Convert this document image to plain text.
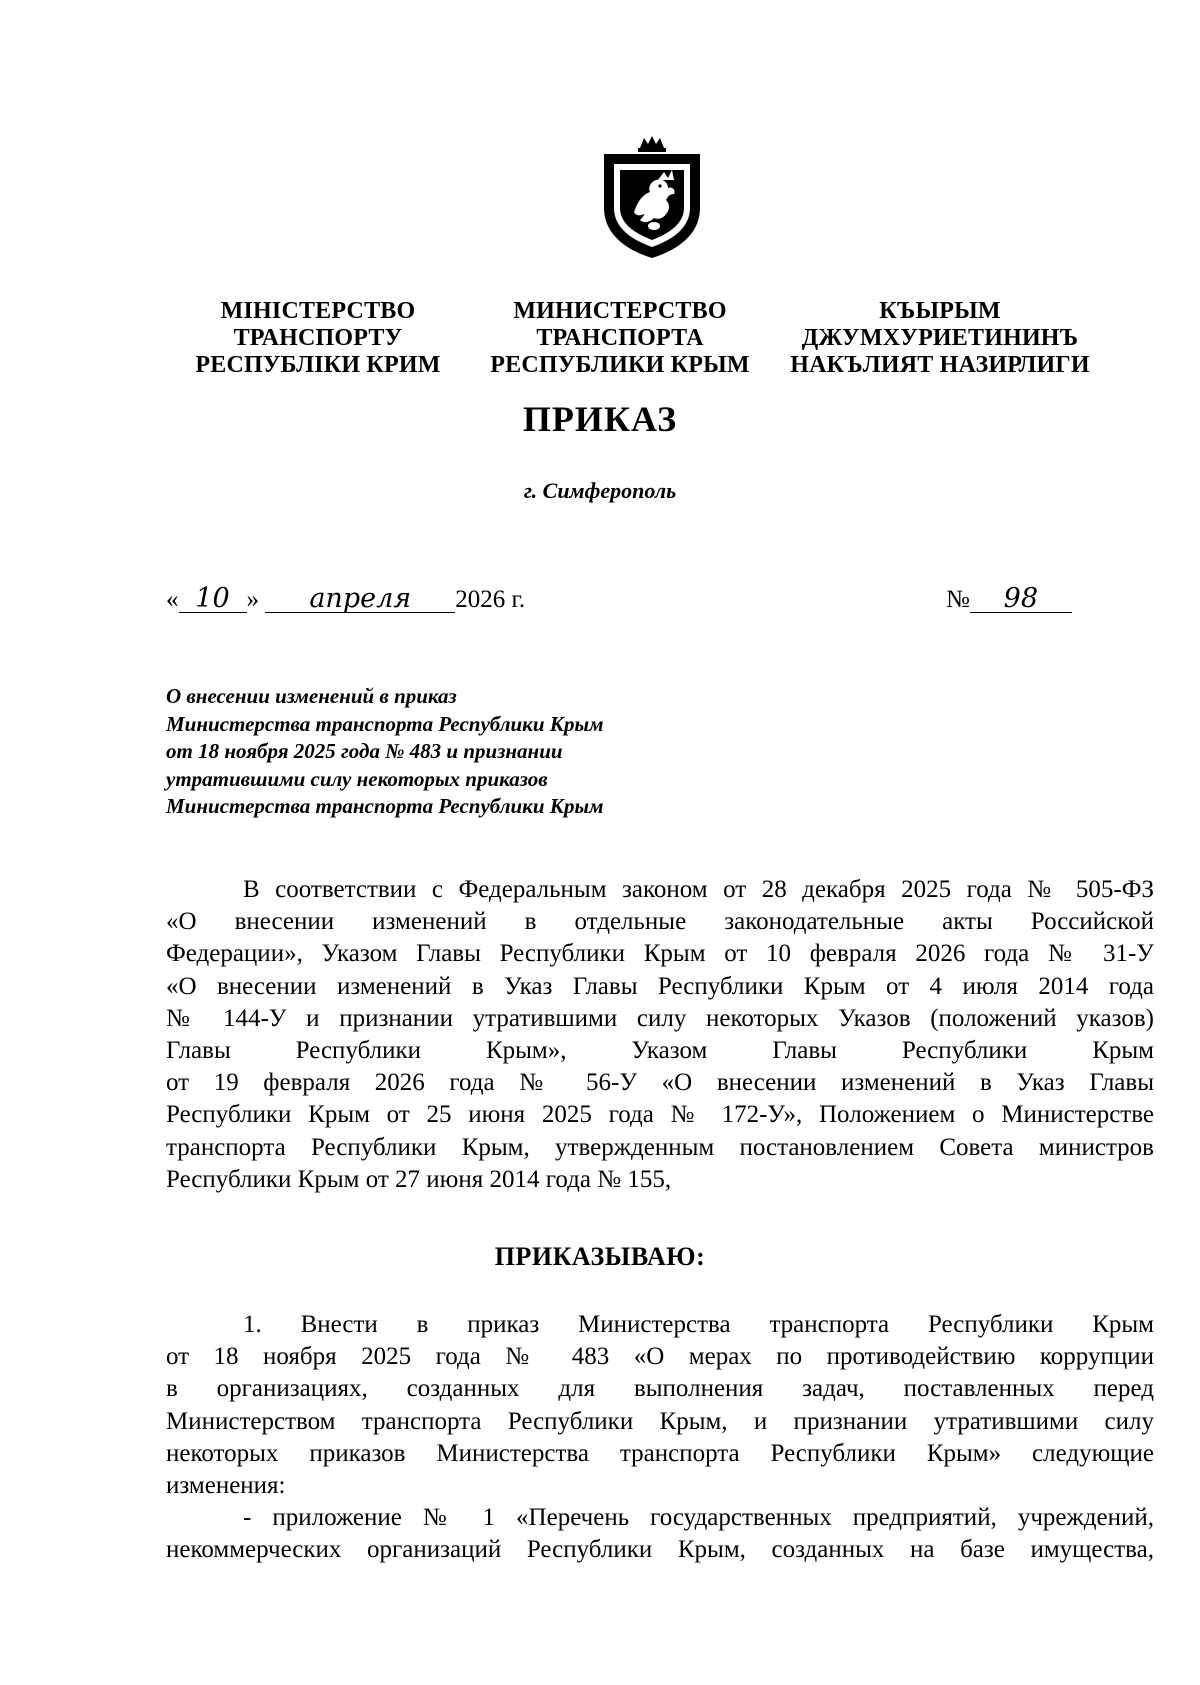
МІНІСТЕРСТВО
ТРАНСПОРТУ
РЕСПУБЛІКИ КРИМ
МИНИСТЕРСТВО
ТРАНСПОРТА
РЕСПУБЛИКИ КРЫМ
КЪЫРЫМ
ДЖУМХУРИЕТИНИНЪ
НАКЪЛИЯТ НАЗИРЛИГИ
ПРИКАЗ
г. Симферополь
« 10 » апреля 2026 г.	№ 98
О внесении изменений в приказ
Министерства транспорта Республики Крым
от 18 ноября 2025 года № 483 и признании
утратившими силу некоторых приказов
Министерства транспорта Республики Крым
В соответствии с Федеральным законом от 28 декабря 2025 года № 505-ФЗ
«О внесении изменений в отдельные законодательные акты Российской
Федерации», Указом Главы Республики Крым от 10 февраля 2026 года № 31-У
«О внесении изменений в Указ Главы Республики Крым от 4 июля 2014 года
№ 144-У и признании утратившими силу некоторых Указов (положений указов)
Главы Республики Крым», Указом Главы Республики Крым
от 19 февраля 2026 года № 56-У «О внесении изменений в Указ Главы
Республики Крым от 25 июня 2025 года № 172-У», Положением о Министерстве
транспорта Республики Крым, утвержденным постановлением Совета министров
Республики Крым от 27 июня 2014 года № 155,
ПРИКАЗЫВАЮ:
1. Внести в приказ Министерства транспорта Республики Крым
от 18 ноября 2025 года № 483 «О мерах по противодействию коррупции
в организациях, созданных для выполнения задач, поставленных перед
Министерством транспорта Республики Крым, и признании утратившими силу
некоторых приказов Министерства транспорта Республики Крым» следующие
изменения:
- приложение № 1 «Перечень государственных предприятий, учреждений,
некоммерческих организаций Республики Крым, созданных на базе имущества,
